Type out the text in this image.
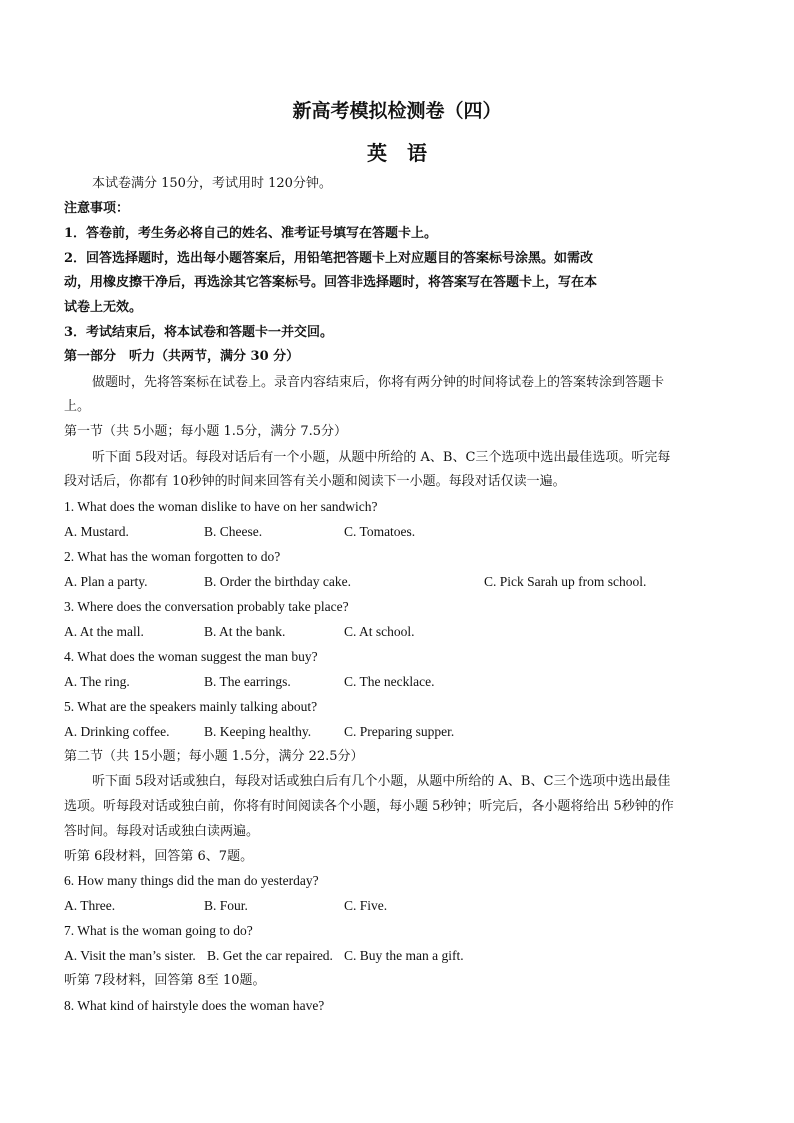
新高考模拟检测卷（四）
英　语
本试卷满分 150分，考试用时 120分钟。
注意事项：
1．答卷前，考生务必将自己的姓名、准考证号填写在答题卡上。
2．回答选择题时，选出每小题答案后，用铅笔把答题卡上对应题目的答案标号涂黑。如需改
动，用橡皮擦干净后，再选涂其它答案标号。回答非选择题时，将答案写在答题卡上，写在本
试卷上无效。
3．考试结束后，将本试卷和答题卡一并交回。
第一部分　听力（共两节，满分 30 分）
做题时，先将答案标在试卷上。录音内容结束后，你将有两分钟的时间将试卷上的答案转涂到答题卡
上。
第一节（共 5小题；每小题 1.5分，满分 7.5分）
听下面 5段对话。每段对话后有一个小题，从题中所给的 A、B、C三个选项中选出最佳选项。听完每
段对话后，你都有 10秒钟的时间来回答有关小题和阅读下一小题。每段对话仅读一遍。
1. What does the woman dislike to have on her sandwich?
A. Mustard.	B. Cheese.	C. Tomatoes.
2. What has the woman forgotten to do?
A. Plan a party.	B. Order the birthday cake.	C. Pick Sarah up from school.
3. Where does the conversation probably take place?
A. At the mall.	B. At the bank.	C. At school.
4. What does the woman suggest the man buy?
A. The ring.	B. The earrings.	C. The necklace.
5. What are the speakers mainly talking about?
A. Drinking coffee.	B. Keeping healthy. C. Preparing supper.
第二节（共 15小题；每小题 1.5分，满分 22.5分）
听下面 5段对话或独白，每段对话或独白后有几个小题，从题中所给的 A、B、C三个选项中选出最佳
选项。听每段对话或独白前，你将有时间阅读各个小题，每小题 5秒钟；听完后，各小题将给出 5秒钟的作
答时间。每段对话或独白读两遍。
听第 6段材料，回答第 6、7题。
6. How many things did the man do yesterday?
A. Three.	B. Four.	C. Five.
7. What is the woman going to do?
A. Visit the man’s sister. B. Get the car repaired. C. Buy the man a gift.
听第 7段材料，回答第 8至 10题。
8. What kind of hairstyle does the woman have?
